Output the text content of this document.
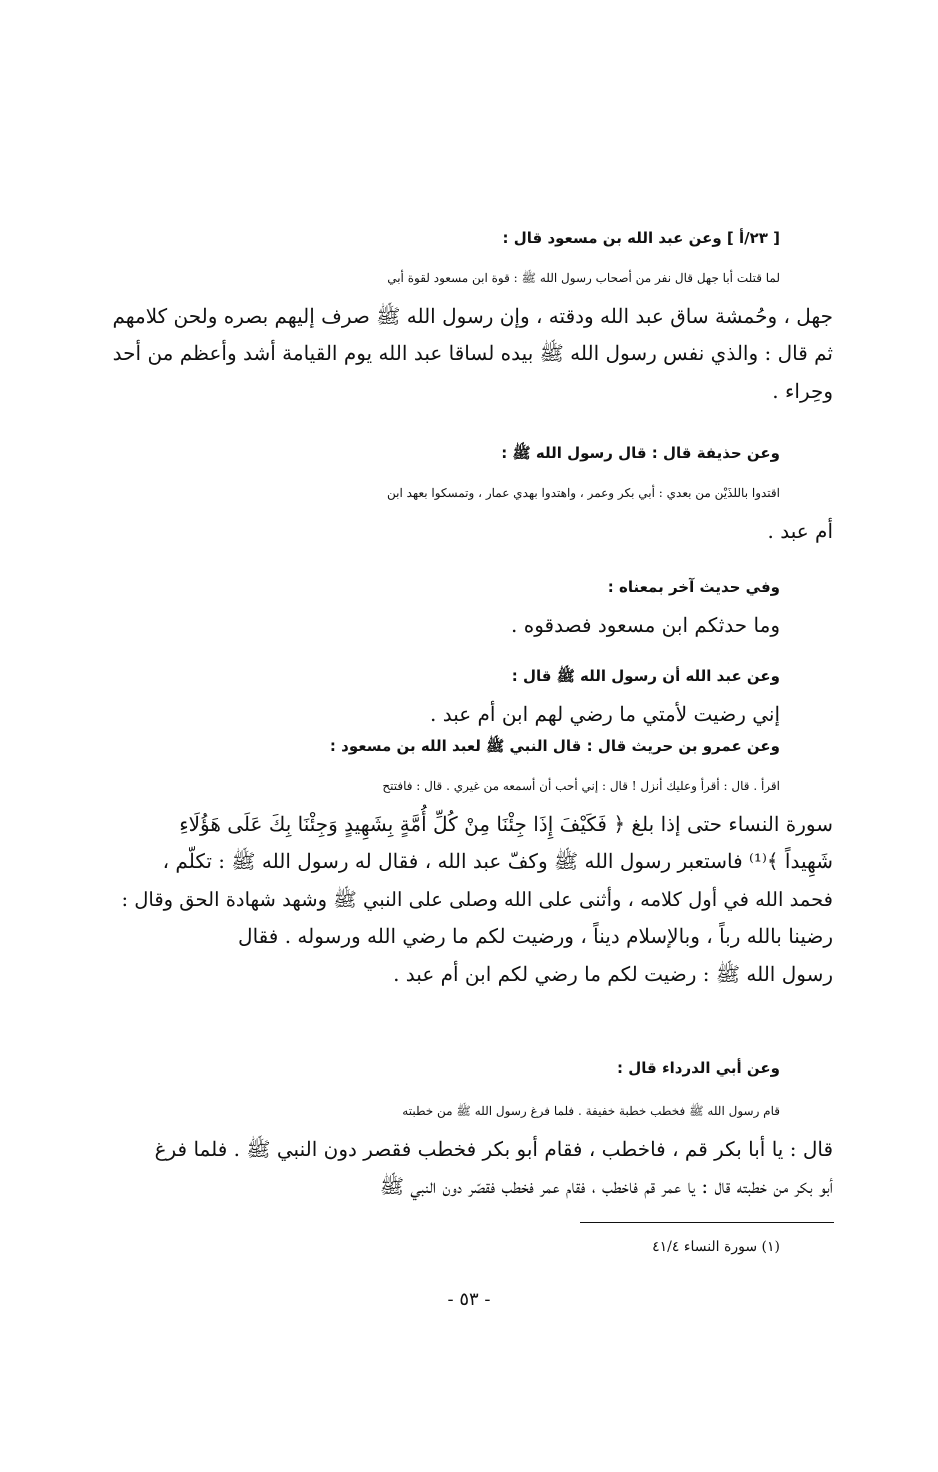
[ ٢٣/أ ] وعن عبد الله بن مسعود قال :
لما قتلت أبا جهل قال نفر من أصحاب رسول الله ﷺ : قوة ابن مسعود لقوة أبي
جهل ، وحُمشة ساق عبد الله ودقته ، وإن رسول الله ﷺ صرف إليهم بصره ولحن كلامهم
ثم قال : والذي نفس رسول الله ﷺ بيده لساقا عبد الله يوم القيامة أشد وأعظم من أحد
وحِراء .
وعن حذيفة قال : قال رسول الله ﷺ :
اقتدوا باللذَيْن من بعدي : أبي بكر وعمر ، واهتدوا بهدي عمار ، وتمسكوا بعهد ابن
أم عبد .
وفي حديث آخر بمعناه :
وما حدثكم ابن مسعود فصدقوه .
وعن عبد الله أن رسول الله ﷺ قال :
إني رضيت لأمتي ما رضي لهم ابن أم عبد .
وعن عمرو بن حريث قال : قال النبي ﷺ لعبد الله بن مسعود :
اقرأ . قال : أقرأ وعليك أنزل ! قال : إني أحب أن أسمعه من غيري . قال : فافتتح
سورة النساء حتى إذا بلغ ﴿ فَكَيْفَ إِذَا جِئْنَا مِنْ كُلِّ أُمَّةٍ بِشَهِيدٍ وَجِئْنَا بِكَ عَلَى هَؤُلَاءِ
شَهِيداً ﴾⁽¹⁾ فاستعبر رسول الله ﷺ وكفّ عبد الله ، فقال له رسول الله ﷺ : تكلّم ،
فحمد الله في أول كلامه ، وأثنى على الله وصلى على النبي ﷺ وشهد شهادة الحق وقال :
رضينا بالله رباً ، وبالإسلام ديناً ، ورضيت لكم ما رضي الله ورسوله . فقال
رسول الله ﷺ : رضيت لكم ما رضي لكم ابن أم عبد .
وعن أبي الدرداء قال :
قام رسول الله ﷺ فخطب خطبة خفيفة . فلما فرغ رسول الله ﷺ من خطبته
قال : يا أبا بكر قم ، فاخطب ، فقام أبو بكر فخطب فقصر دون النبي ﷺ . فلما فرغ
أبو بكر من خطبته قال : يا عمر قم فاخطب ، فقام عمر فخطب فقصّر دون النبي ﷺ
(١) سورة النساء ٤١/٤
- ٥٣ -
